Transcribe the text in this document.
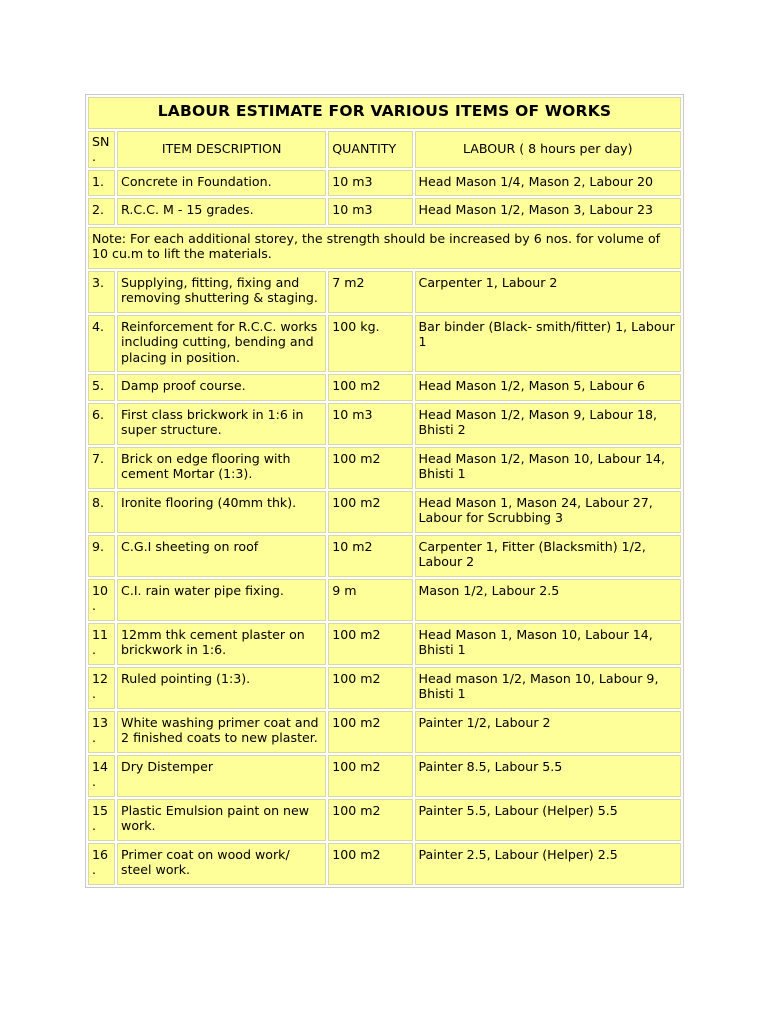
LABOUR ESTIMATE FOR VARIOUS ITEMS OF WORKS			
SN.	ITEM DESCRIPTION	QUANTITY	LABOUR ( 8 hours per day)
1.	Concrete in Foundation.	10 m3	Head Mason 1/4, Mason 2, Labour 20
2.	R.C.C. M - 15 grades.	10 m3	Head Mason 1/2, Mason 3, Labour 23
Note: For each additional storey, the strength should be increased by 6 nos. for volume of 10 cu.m to lift the materials.			
3.	Supplying, fitting, fixing and removing shuttering & staging.	7 m2	Carpenter 1, Labour 2
4.	Reinforcement for R.C.C. works including cutting, bending and placing in position.	100 kg.	Bar binder (Black- smith/fitter) 1, Labour 1
5.	Damp proof course.	100 m2	Head Mason 1/2, Mason 5, Labour 6
6.	First class brickwork in 1:6 in super structure.	10 m3	Head Mason 1/2, Mason 9, Labour 18, Bhisti 2
7.	Brick on edge flooring with cement Mortar (1:3).	100 m2	Head Mason 1/2, Mason 10, Labour 14, Bhisti 1
8.	Ironite flooring (40mm thk).	100 m2	Head Mason 1, Mason 24, Labour 27, Labour for Scrubbing 3
9.	C.G.I sheeting on roof	10 m2	Carpenter 1, Fitter (Blacksmith) 1/2, Labour 2
10.	C.I. rain water pipe fixing.	9 m	Mason 1/2, Labour 2.5
11.	12mm thk cement plaster on brickwork in 1:6.	100 m2	Head Mason 1, Mason 10, Labour 14, Bhisti 1
12.	Ruled pointing (1:3).	100 m2	Head mason 1/2, Mason 10, Labour 9, Bhisti 1
13.	White washing primer coat and 2 finished coats to new plaster.	100 m2	Painter 1/2, Labour 2
14.	Dry Distemper	100 m2	Painter 8.5, Labour 5.5
15.	Plastic Emulsion paint on new work.	100 m2	Painter 5.5, Labour (Helper) 5.5
16.	Primer coat on wood work/ steel work.	100 m2	Painter 2.5, Labour (Helper) 2.5
